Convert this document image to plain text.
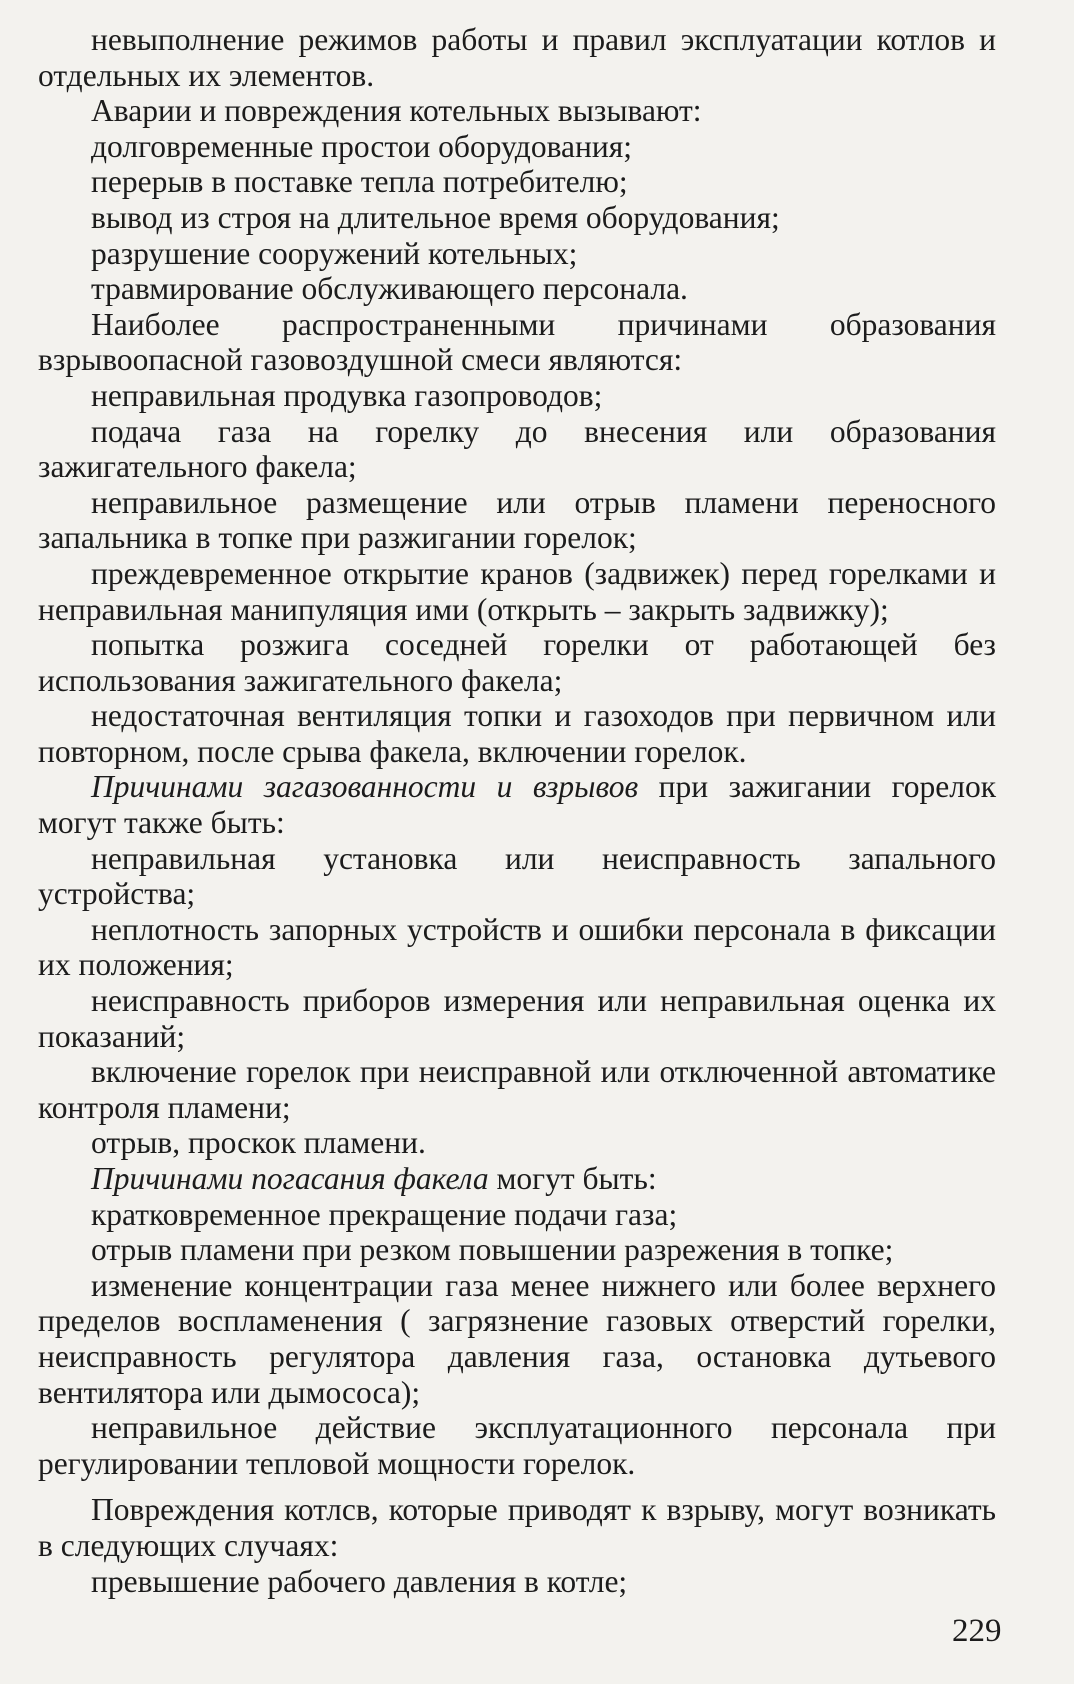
невыполнение режимов работы и правил эксплуатации котлов и отдельных их элементов.

Аварии и повреждения котельных вызывают:

долговременные простои оборудования;

перерыв в поставке тепла потребителю;

вывод из строя на длительное время оборудования;

разрушение сооружений котельных;

травмирование обслуживающего персонала.

Наиболее распространенными причинами образования взрывоопасной газовоздушной смеси являются:

неправильная продувка газопроводов;

подача газа на горелку до внесения или образования зажигательного факела;

неправильное размещение или отрыв пламени переносного запальника в топке при разжигании горелок;

преждевременное открытие кранов (задвижек) перед горелками и неправильная манипуляция ими (открыть – закрыть задвижку);

попытка розжига соседней горелки от работающей без использования зажигательного факела;

недостаточная вентиляция топки и газоходов при первичном или повторном, после срыва факела, включении горелок.

Причинами загазованности и взрывов при зажигании горелок могут также быть:

неправильная установка или неисправность запального устройства;

неплотность запорных устройств и ошибки персонала в фиксации их положения;

неисправность приборов измерения или неправильная оценка их показаний;

включение горелок при неисправной или отключенной автоматике контроля пламени;

отрыв, проскок пламени.

Причинами погасания факела могут быть:

кратковременное прекращение подачи газа;

отрыв пламени при резком повышении разрежения в топке;

изменение концентрации газа менее нижнего или более верхнего пределов воспламенения ( загрязнение газовых отверстий горелки, неисправность регулятора давления газа, остановка дутьевого вентилятора или дымососа);

неправильное действие эксплуатационного персонала при регулировании тепловой мощности горелок.

Повреждения котлсв, которые приводят к взрыву, могут возникать в следующих случаях:

превышение рабочего давления в котле;

229
